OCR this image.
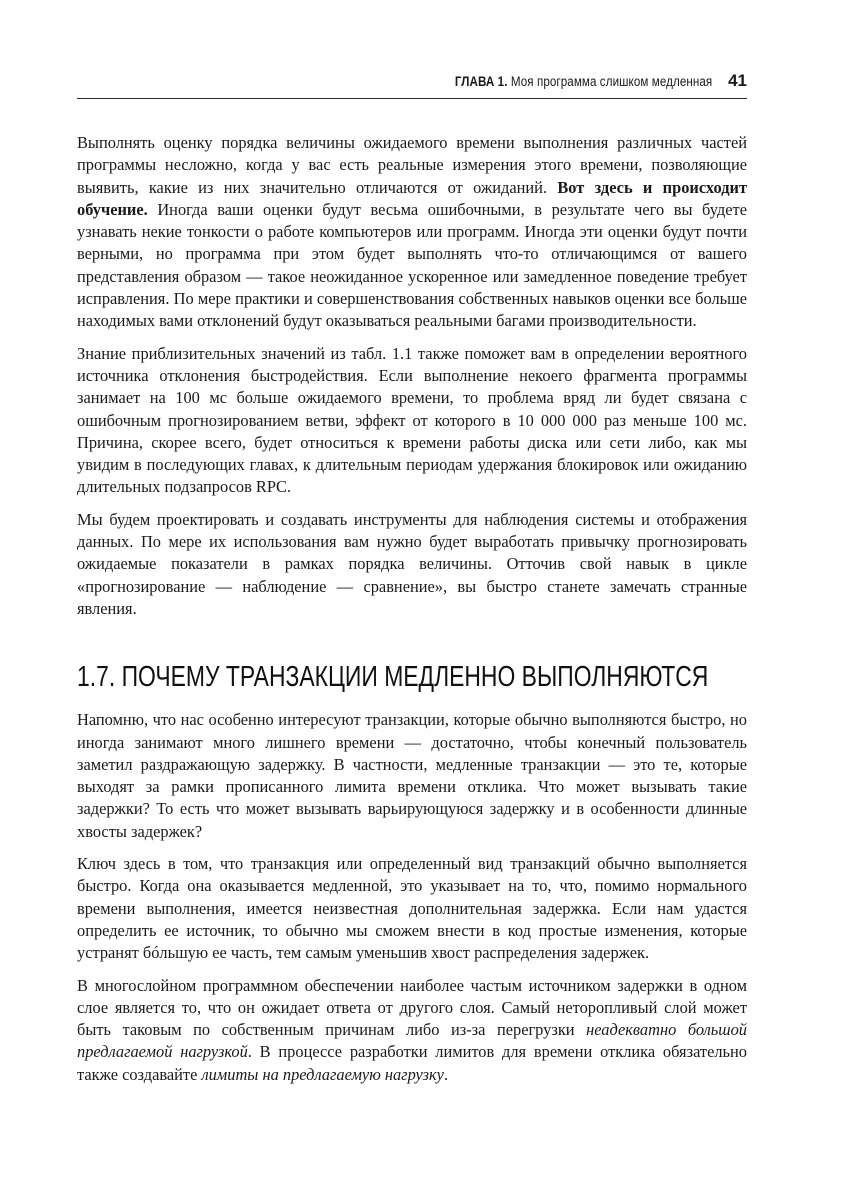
ГЛАВА 1. Моя программа слишком медленная 41

Выполнять оценку порядка величины ожидаемого времени выполнения различных частей программы несложно, когда у вас есть реальные измерения этого времени, позволяющие выявить, какие из них значительно отличаются от ожиданий. Вот здесь и происходит обучение. Иногда ваши оценки будут весьма ошибочными, в результате чего вы будете узнавать некие тонкости о работе компьютеров или программ. Иногда эти оценки будут почти верными, но программа при этом будет выполнять что-то отличающимся от вашего представления образом — такое неожиданное ускоренное или замедленное поведение требует исправления. По мере практики и совершенствования собственных навыков оценки все больше находимых вами отклонений будут оказываться реальными багами производительности.

Знание приблизительных значений из табл. 1.1 также поможет вам в определении вероятного источника отклонения быстродействия. Если выполнение некоего фрагмента программы занимает на 100 мс больше ожидаемого времени, то проблема вряд ли будет связана с ошибочным прогнозированием ветви, эффект от которого в 10 000 000 раз меньше 100 мс. Причина, скорее всего, будет относиться к времени работы диска или сети либо, как мы увидим в последующих главах, к длительным периодам удержания блокировок или ожиданию длительных подзапросов RPC.

Мы будем проектировать и создавать инструменты для наблюдения системы и отображения данных. По мере их использования вам нужно будет выработать привычку прогнозировать ожидаемые показатели в рамках порядка величины. Отточив свой навык в цикле «прогнозирование — наблюдение — сравнение», вы быстро станете замечать странные явления.

1.7. ПОЧЕМУ ТРАНЗАКЦИИ МЕДЛЕННО ВЫПОЛНЯЮТСЯ

Напомню, что нас особенно интересуют транзакции, которые обычно выполняются быстро, но иногда занимают много лишнего времени — достаточно, чтобы конечный пользователь заметил раздражающую задержку. В частности, медленные транзакции — это те, которые выходят за рамки прописанного лимита времени отклика. Что может вызывать такие задержки? То есть что может вызывать варьирующуюся задержку и в особенности длинные хвосты задержек?

Ключ здесь в том, что транзакция или определенный вид транзакций обычно выполняется быстро. Когда она оказывается медленной, это указывает на то, что, помимо нормального времени выполнения, имеется неизвестная дополнительная задержка. Если нам удастся определить ее источник, то обычно мы сможем внести в код простые изменения, которые устранят бóльшую ее часть, тем самым уменьшив хвост распределения задержек.

В многослойном программном обеспечении наиболее частым источником задержки в одном слое является то, что он ожидает ответа от другого слоя. Самый неторопливый слой может быть таковым по собственным причинам либо из-за перегрузки неадекватно большой предлагаемой нагрузкой. В процессе разработки лимитов для времени отклика обязательно также создавайте лимиты на предлагаемую нагрузку.
